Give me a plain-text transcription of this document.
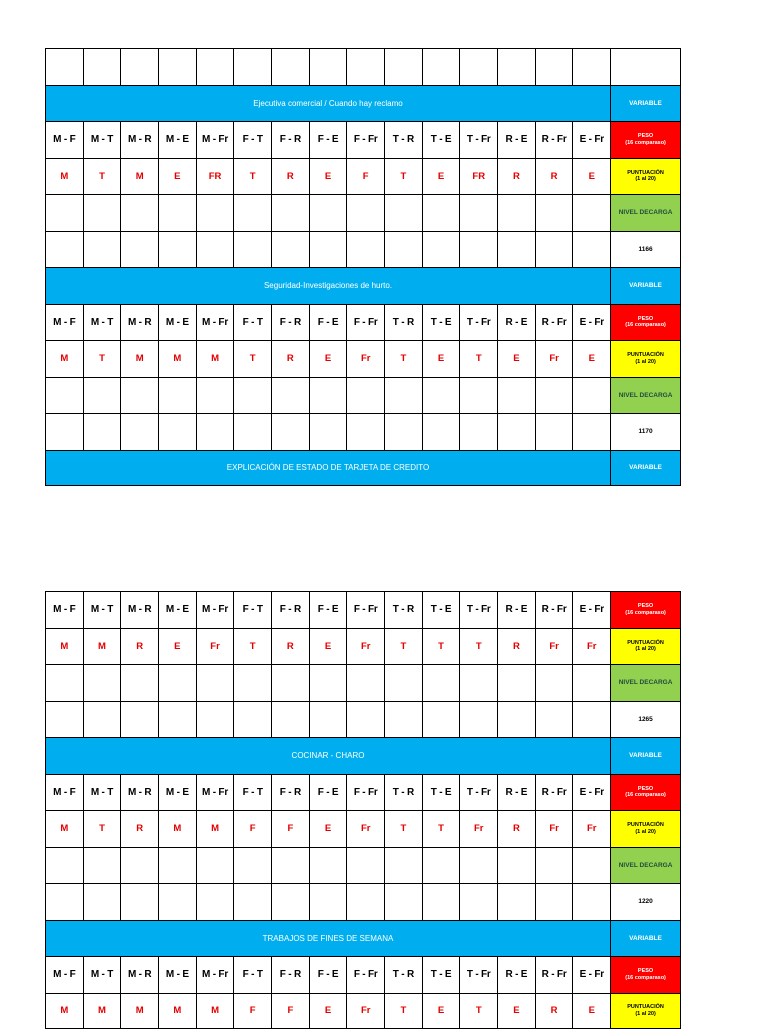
Ejecutiva comercial / Cuando hay reclamo	VARIABLE
M - F	M - T	M - R	M - E	M - Fr	F - T	F - R	F - E	F - Fr	T - R	T - E	T - Fr	R - E	R - Fr	E - Fr	PESO
(16 comparaso)
M	T	M	E	FR	T	R	E	F	T	E	FR	R	R	E	PUNTUACIÓN
(1 al 20)
NIVEL DECARGA
1166
Seguridad-Investigaciones de hurto.	VARIABLE
M - F	M - T	M - R	M - E	M - Fr	F - T	F - R	F - E	F - Fr	T - R	T - E	T - Fr	R - E	R - Fr	E - Fr	PESO
(16 comparaso)
M	T	M	M	M	T	R	E	Fr	T	E	T	E	Fr	E	PUNTUACIÓN
(1 al 20)
NIVEL DECARGA
1170
EXPLICACIÓN DE ESTADO DE TARJETA DE CREDITO	VARIABLE
M - F	M - T	M - R	M - E	M - Fr	F - T	F - R	F - E	F - Fr	T - R	T - E	T - Fr	R - E	R - Fr	E - Fr	PESO
(16 comparaso)
M	M	R	E	Fr	T	R	E	Fr	T	T	T	R	Fr	Fr	PUNTUACIÓN
(1 al 20)
NIVEL DECARGA
1265
COCINAR - CHARO	VARIABLE
M - F	M - T	M - R	M - E	M - Fr	F - T	F - R	F - E	F - Fr	T - R	T - E	T - Fr	R - E	R - Fr	E - Fr	PESO
(16 comparaso)
M	T	R	M	M	F	F	E	Fr	T	T	Fr	R	Fr	Fr	PUNTUACIÓN
(1 al 20)
NIVEL DECARGA
1220
TRABAJOS DE FINES DE SEMANA	VARIABLE
M - F	M - T	M - R	M - E	M - Fr	F - T	F - R	F - E	F - Fr	T - R	T - E	T - Fr	R - E	R - Fr	E - Fr	PESO
(16 comparaso)
M	M	M	M	M	F	F	E	Fr	T	E	T	E	R	E	PUNTUACIÓN
(1 al 20)
